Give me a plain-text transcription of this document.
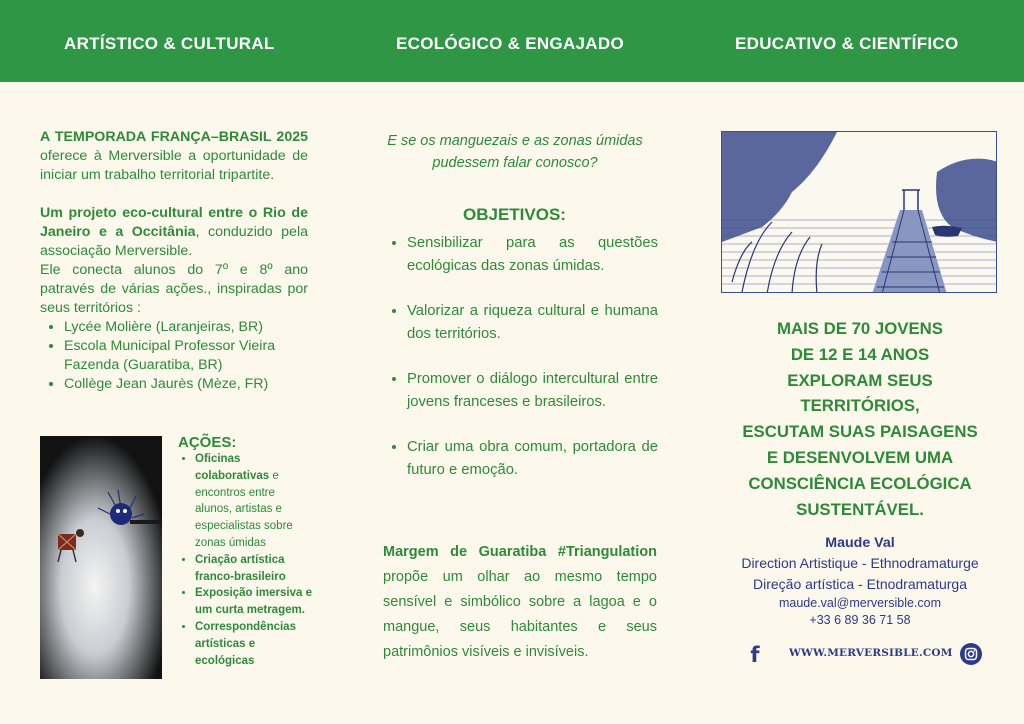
ARTÍSTICO & CULTURAL	ECOLÓGICO & ENGAJADO	EDUCATIVO & CIENTÍFICO

A TEMPORADA FRANÇA–BRASIL 2025 oferece à Merversible a oportunidade de iniciar um trabalho territorial tripartite.

Um projeto eco-cultural entre o Rio de Janeiro e a Occitânia, conduzido pela associação Merversible.

Ele conecta alunos do 7º e 8º ano patravés de várias ações., inspiradas por seus territórios :

• Lycée Molière (Laranjeiras, BR)
• Escola Municipal Professor Vieira Fazenda (Guaratiba, BR)
• Collège Jean Jaurès (Mèze, FR)
AÇÕES:
• Oficinas colaborativas e encontros entre alunos, artistas e especialistas sobre zonas úmidas
• Criação artística franco-brasileiro
• Exposição imersiva e um curta metragem.
• Correspondências artísticas e ecológicas
E se os manguezais e as zonas úmidas pudessem falar conosco?
OBJETIVOS:
• Sensibilizar para as questões ecológicas das zonas úmidas.
• Valorizar a riqueza cultural e humana dos territórios.
• Promover o diálogo intercultural entre jovens franceses e brasileiros.
• Criar uma obra comum, portadora de futuro e emoção.

Margem de Guaratiba #Triangulation propõe um olhar ao mesmo tempo sensível e simbólico sobre a lagoa e o mangue, seus habitantes e seus patrimônios visíveis e invisíveis.

MAIS DE 70 JOVENS
DE 12 E 14 ANOS
EXPLORAM SEUS
TERRITÓRIOS,
ESCUTAM SUAS PAISAGENS
E DESENVOLVEM UMA
CONSCIÊNCIA ECOLÓGICA
SUSTENTÁVEL.
Maude Val
Direction Artistique - Ethnodramaturge
Direção artística - Etnodramaturga
maude.val@merversible.com
+33 6 89 36 71 58
f	WWW.MERVERSIBLE.COM
